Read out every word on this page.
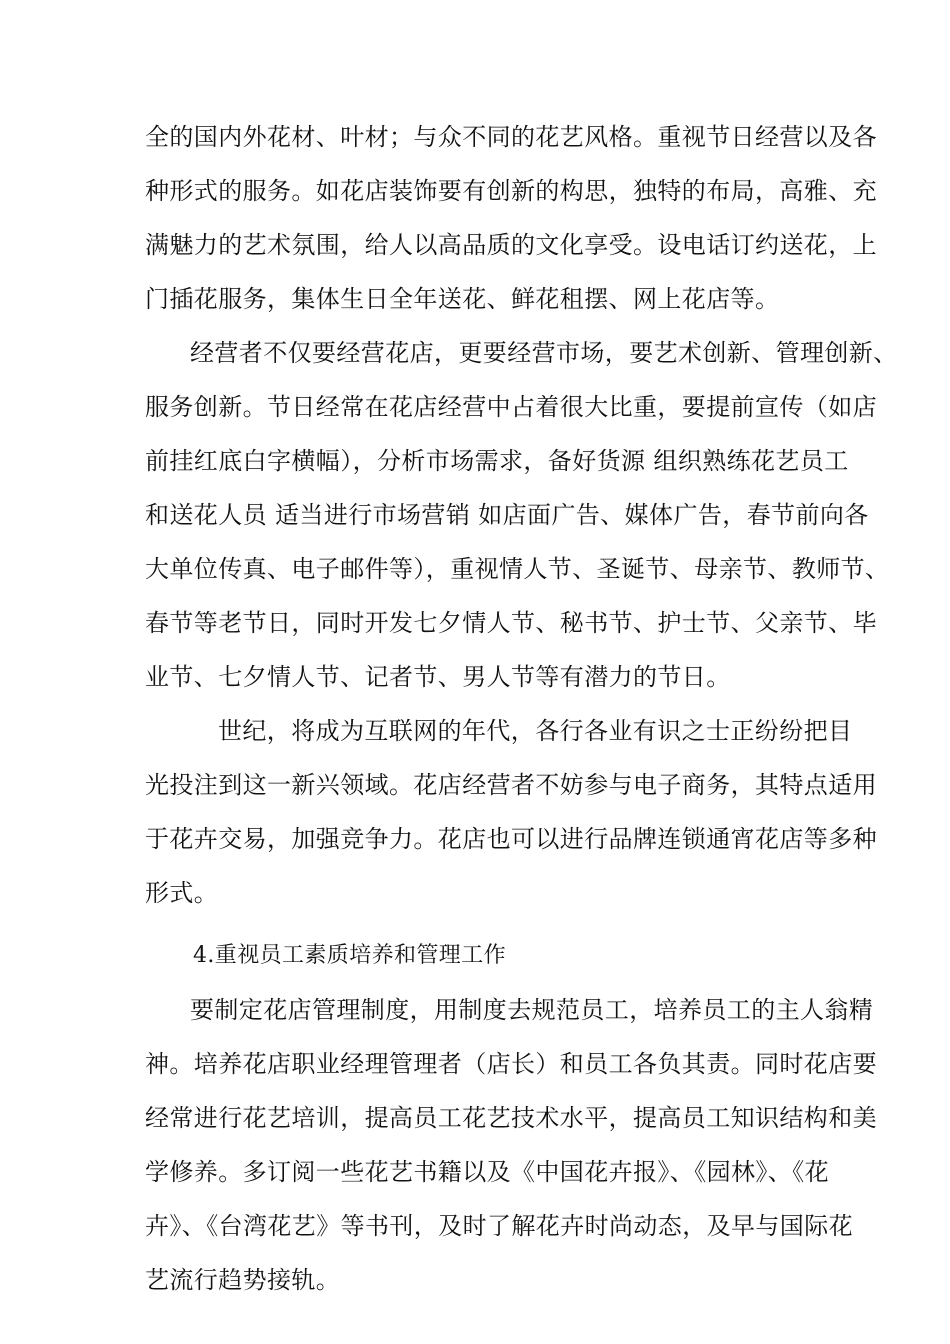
全的国内外花材、叶材；与众不同的花艺风格。重视节日经营以及各
种形式的服务。如花店装饰要有创新的构思，独特的布局，高雅、充
满魅力的艺术氛围，给人以高品质的文化享受。设电话订约送花，上
门插花服务，集体生日全年送花、鲜花租摆、网上花店等。
经营者不仅要经营花店，更要经营市场，要艺术创新、管理创新、
服务创新。节日经常在花店经营中占着很大比重，要提前宣传（如店
前挂红底白字横幅），分析市场需求，备好货源 组织熟练花艺员工
和送花人员 适当进行市场营销 如店面广告、媒体广告，春节前向各
大单位传真、电子邮件等），重视情人节、圣诞节、母亲节、教师节、
春节等老节日，同时开发七夕情人节、秘书节、护士节、父亲节、毕
业节、七夕情人节、记者节、男人节等有潜力的节日。
世纪，将成为互联网的年代，各行各业有识之士正纷纷把目
光投注到这一新兴领域。花店经营者不妨参与电子商务，其特点适用
于花卉交易，加强竞争力。花店也可以进行品牌连锁通宵花店等多种
形式。
4.重视员工素质培养和管理工作
要制定花店管理制度，用制度去规范员工，培养员工的主人翁精
神。培养花店职业经理管理者（店长）和员工各负其责。同时花店要
经常进行花艺培训，提高员工花艺技术水平，提高员工知识结构和美
学修养。多订阅一些花艺书籍以及《中国花卉报》、《园林》、《花
卉》、《台湾花艺》等书刊，及时了解花卉时尚动态，及早与国际花
艺流行趋势接轨。
